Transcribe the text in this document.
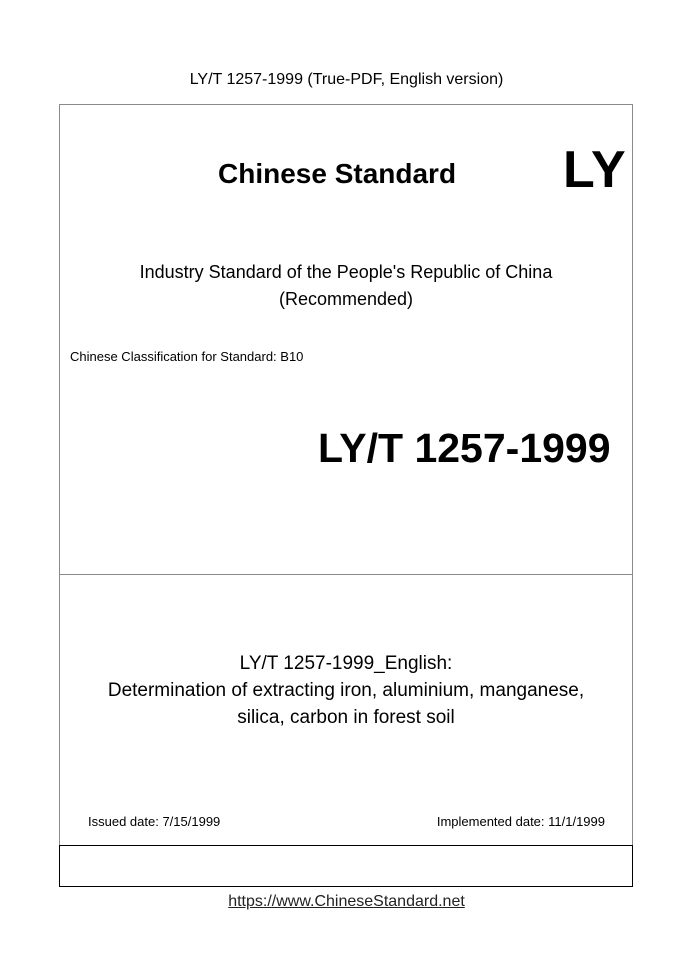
LY/T 1257-1999 (True-PDF, English version)
Chinese Standard LY
Industry Standard of the People's Republic of China
(Recommended)
Chinese Classification for Standard: B10
LY/T 1257-1999
LY/T 1257-1999_English:
Determination of extracting iron, aluminium, manganese,
silica, carbon in forest soil
Issued date: 7/15/1999	Implemented date: 11/1/1999
https://www.ChineseStandard.net
